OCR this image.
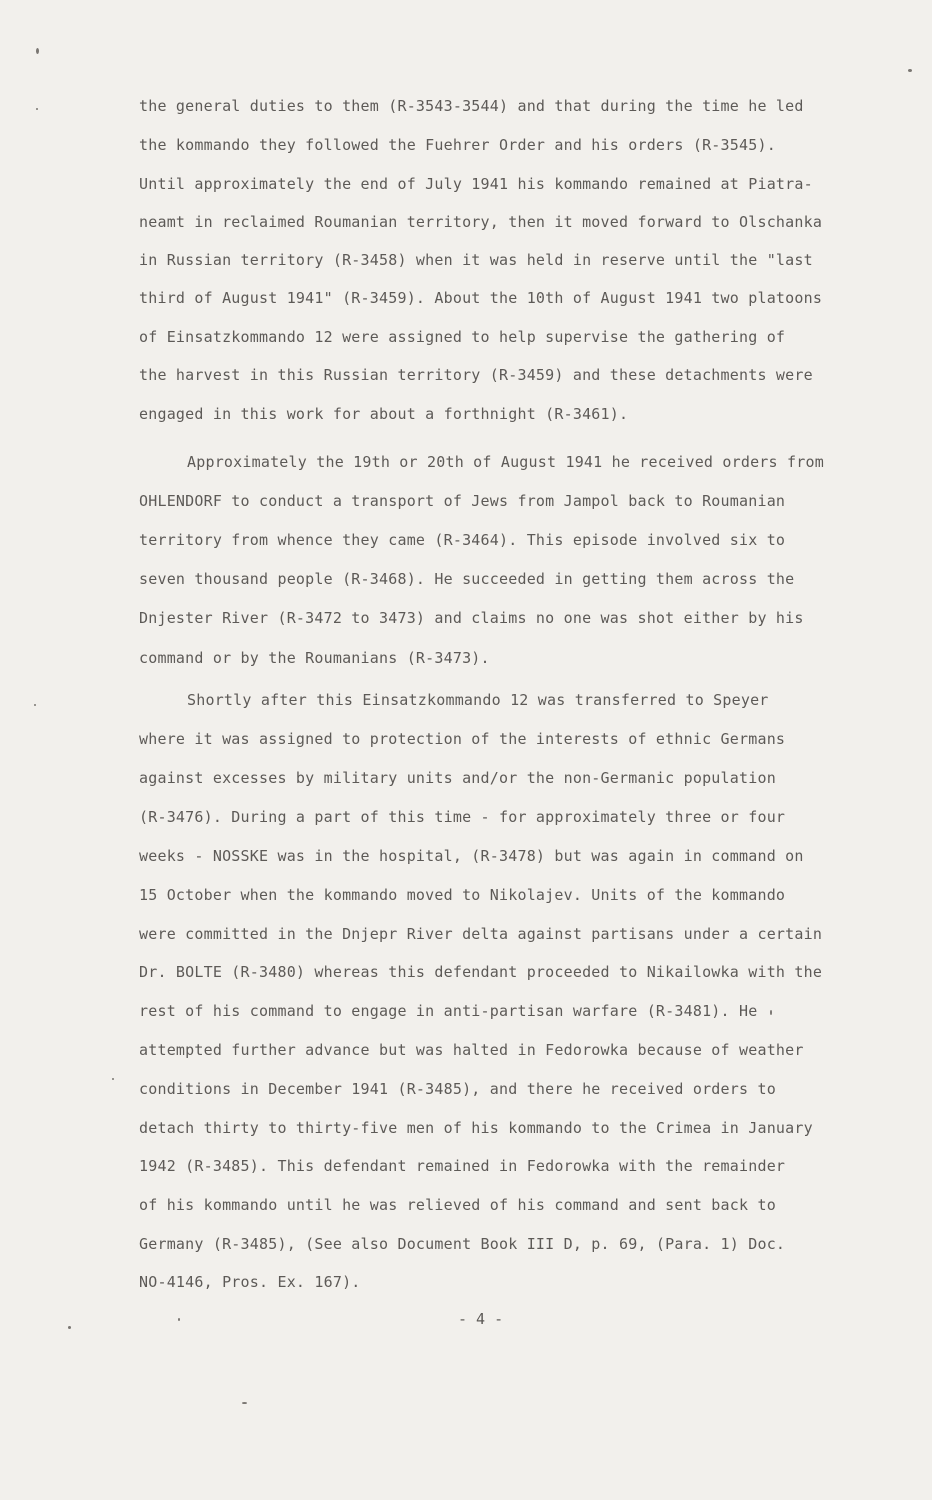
the general duties to them (R-3543-3544) and that during the time he led
the kommando they followed the Fuehrer Order and his orders (R-3545).
Until approximately the end of July 1941 his kommando remained at Piatra-
neamt in reclaimed Roumanian territory, then it moved forward to Olschanka
in Russian territory (R-3458) when it was held in reserve until the "last
third of August 1941" (R-3459). About the 10th of August 1941 two platoons
of Einsatzkommando 12 were assigned to help supervise the gathering of
the harvest in this Russian territory (R-3459) and these detachments were
engaged in this work for about a forthnight (R-3461).
Approximately the 19th or 20th of August 1941 he received orders from
OHLENDORF to conduct a transport of Jews from Jampol back to Roumanian
territory from whence they came (R-3464). This episode involved six to
seven thousand people (R-3468). He succeeded in getting them across the
Dnjester River (R-3472 to 3473) and claims no one was shot either by his
command or by the Roumanians (R-3473).
Shortly after this Einsatzkommando 12 was transferred to Speyer
where it was assigned to protection of the interests of ethnic Germans
against excesses by military units and/or the non-Germanic population
(R-3476). During a part of this time - for approximately three or four
weeks - NOSSKE was in the hospital, (R-3478) but was again in command on
15 October when the kommando moved to Nikolajev. Units of the kommando
were committed in the Dnjepr River delta against partisans under a certain
Dr. BOLTE (R-3480) whereas this defendant proceeded to Nikailowka with the
rest of his command to engage in anti-partisan warfare (R-3481). He
attempted further advance but was halted in Fedorowka because of weather
conditions in December 1941 (R-3485), and there he received orders to
detach thirty to thirty-five men of his kommando to the Crimea in January
1942 (R-3485). This defendant remained in Fedorowka with the remainder
of his kommando until he was relieved of his command and sent back to
Germany (R-3485), (See also Document Book III D, p. 69, (Para. 1) Doc.
NO-4146, Pros. Ex. 167).
- 4 -
